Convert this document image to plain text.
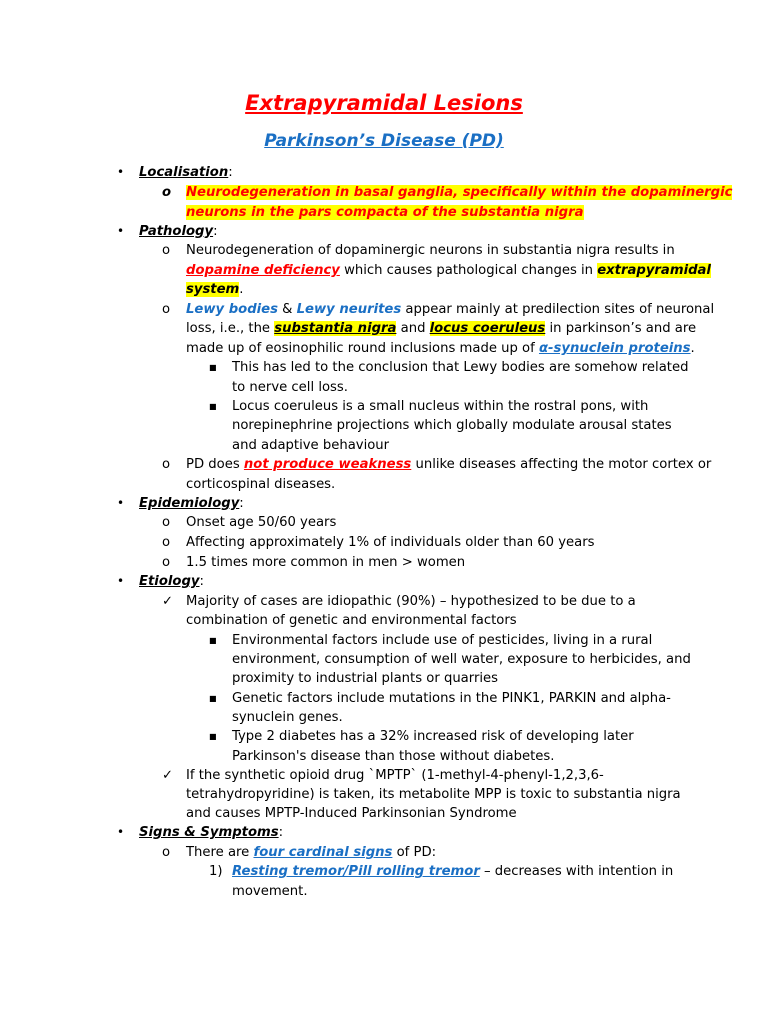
Extrapyramidal Lesions
Parkinson’s Disease (PD)
• Localisation:
o Neurodegeneration in basal ganglia, specifically within the dopaminergic
neurons in the pars compacta of the substantia nigra
• Pathology:
o Neurodegeneration of dopaminergic neurons in substantia nigra results in
dopamine deficiency which causes pathological changes in extrapyramidal
system.
o Lewy bodies & Lewy neurites appear mainly at predilection sites of neuronal
loss, i.e., the substantia nigra and locus coeruleus in parkinson’s and are
made up of eosinophilic round inclusions made up of α-synuclein proteins.
■ This has led to the conclusion that Lewy bodies are somehow related
to nerve cell loss.
■ Locus coeruleus is a small nucleus within the rostral pons, with
norepinephrine projections which globally modulate arousal states
and adaptive behaviour
o PD does not produce weakness unlike diseases affecting the motor cortex or
corticospinal diseases.
• Epidemiology:
o Onset age 50/60 years
o Affecting approximately 1% of individuals older than 60 years
o 1.5 times more common in men > women
• Etiology:
✓ Majority of cases are idiopathic (90%) – hypothesized to be due to a
combination of genetic and environmental factors
■ Environmental factors include use of pesticides, living in a rural
environment, consumption of well water, exposure to herbicides, and
proximity to industrial plants or quarries
■ Genetic factors include mutations in the PINK1, PARKIN and alpha-
synuclein genes.
■ Type 2 diabetes has a 32% increased risk of developing later
Parkinson's disease than those without diabetes.
✓ If the synthetic opioid drug `MPTP` (1-methyl-4-phenyl-1,2,3,6-
tetrahydropyridine) is taken, its metabolite MPP is toxic to substantia nigra
and causes MPTP-Induced Parkinsonian Syndrome
• Signs & Symptoms:
o There are four cardinal signs of PD:
1) Resting tremor/Pill rolling tremor – decreases with intention in
movement.
